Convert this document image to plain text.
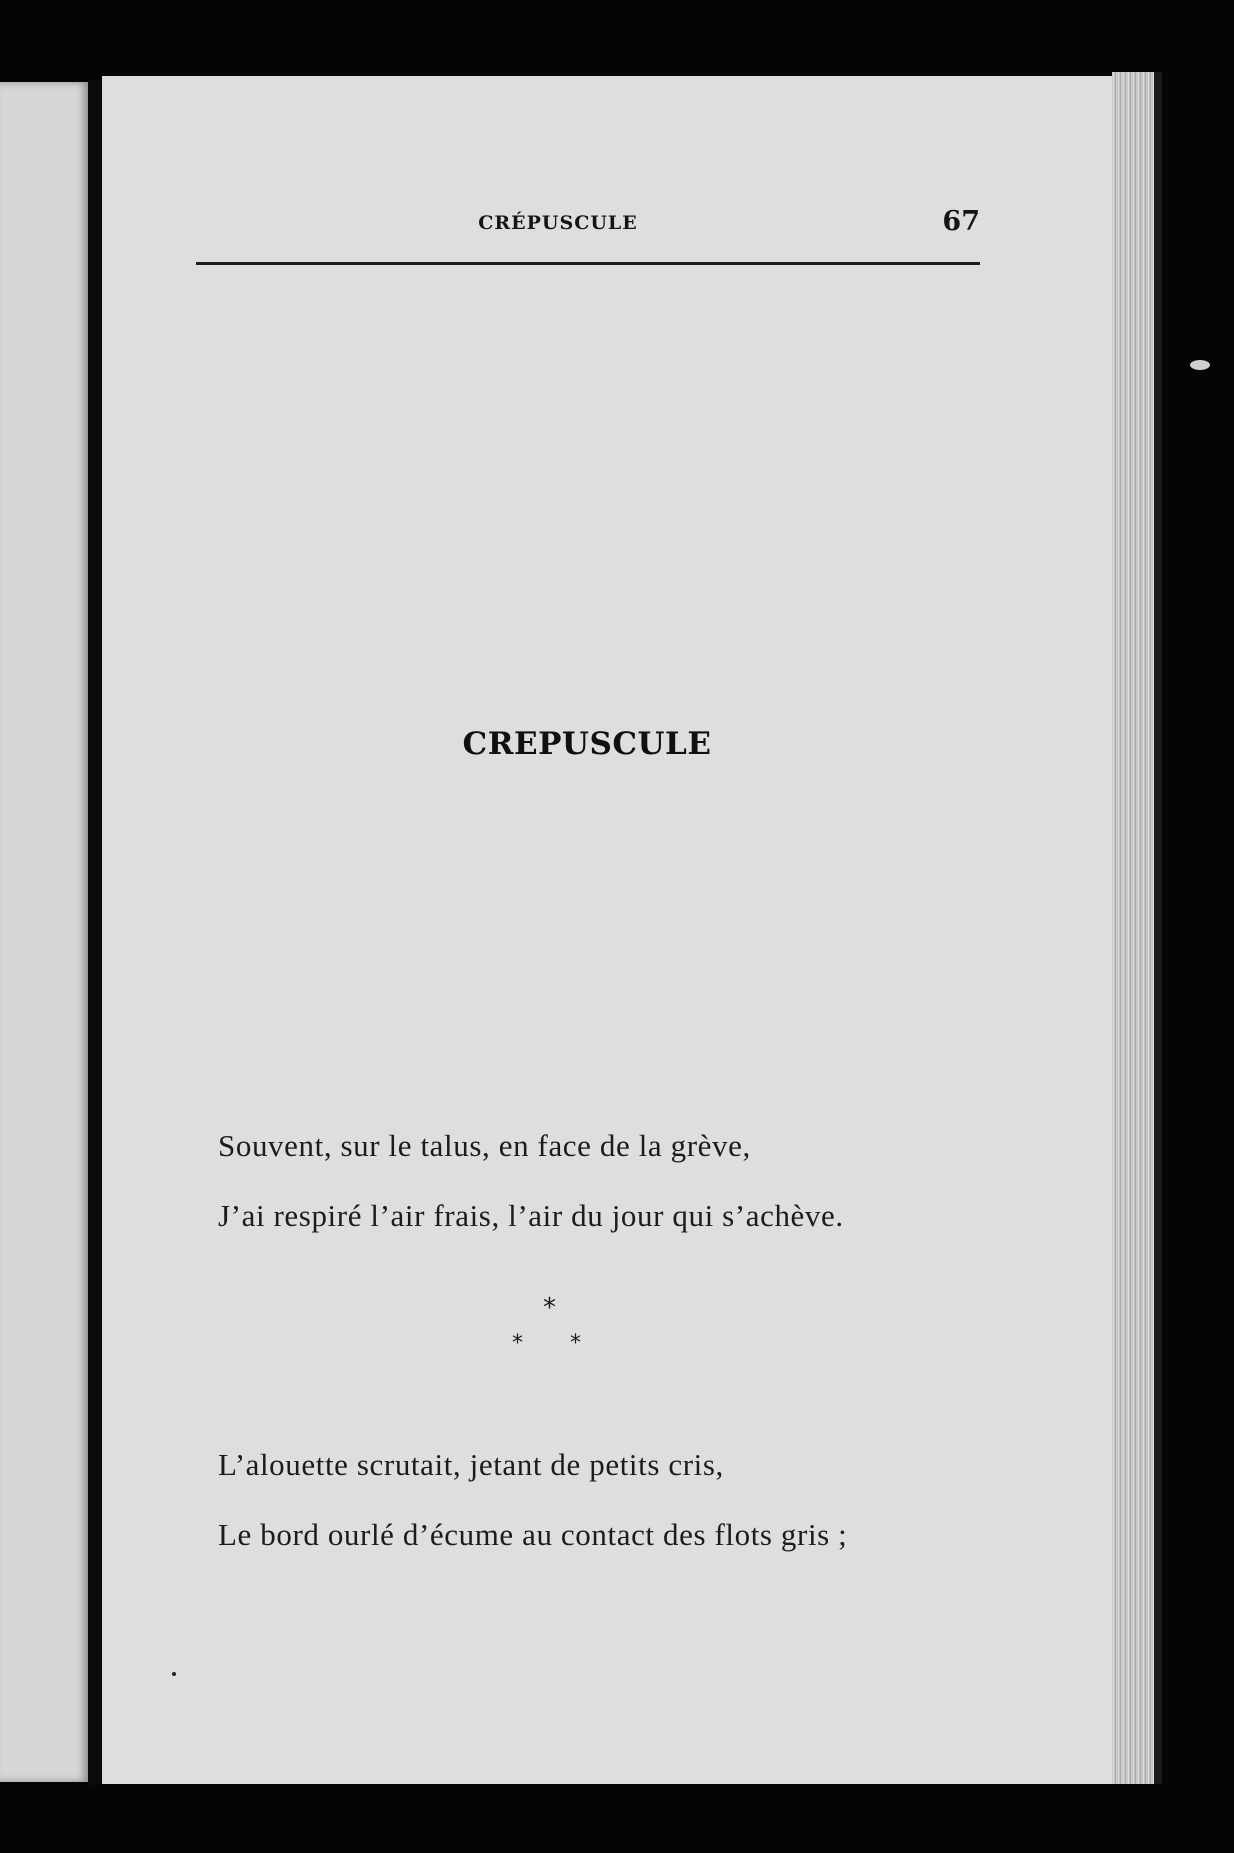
CRÉPUSCULE	67
CREPUSCULE
Souvent, sur le talus, en face de la grève,
J’ai respiré l’air frais, l’air du jour qui s’achève.
*
* *
L’alouette scrutait, jetant de petits cris,
Le bord ourlé d’écume au contact des flots gris ;
